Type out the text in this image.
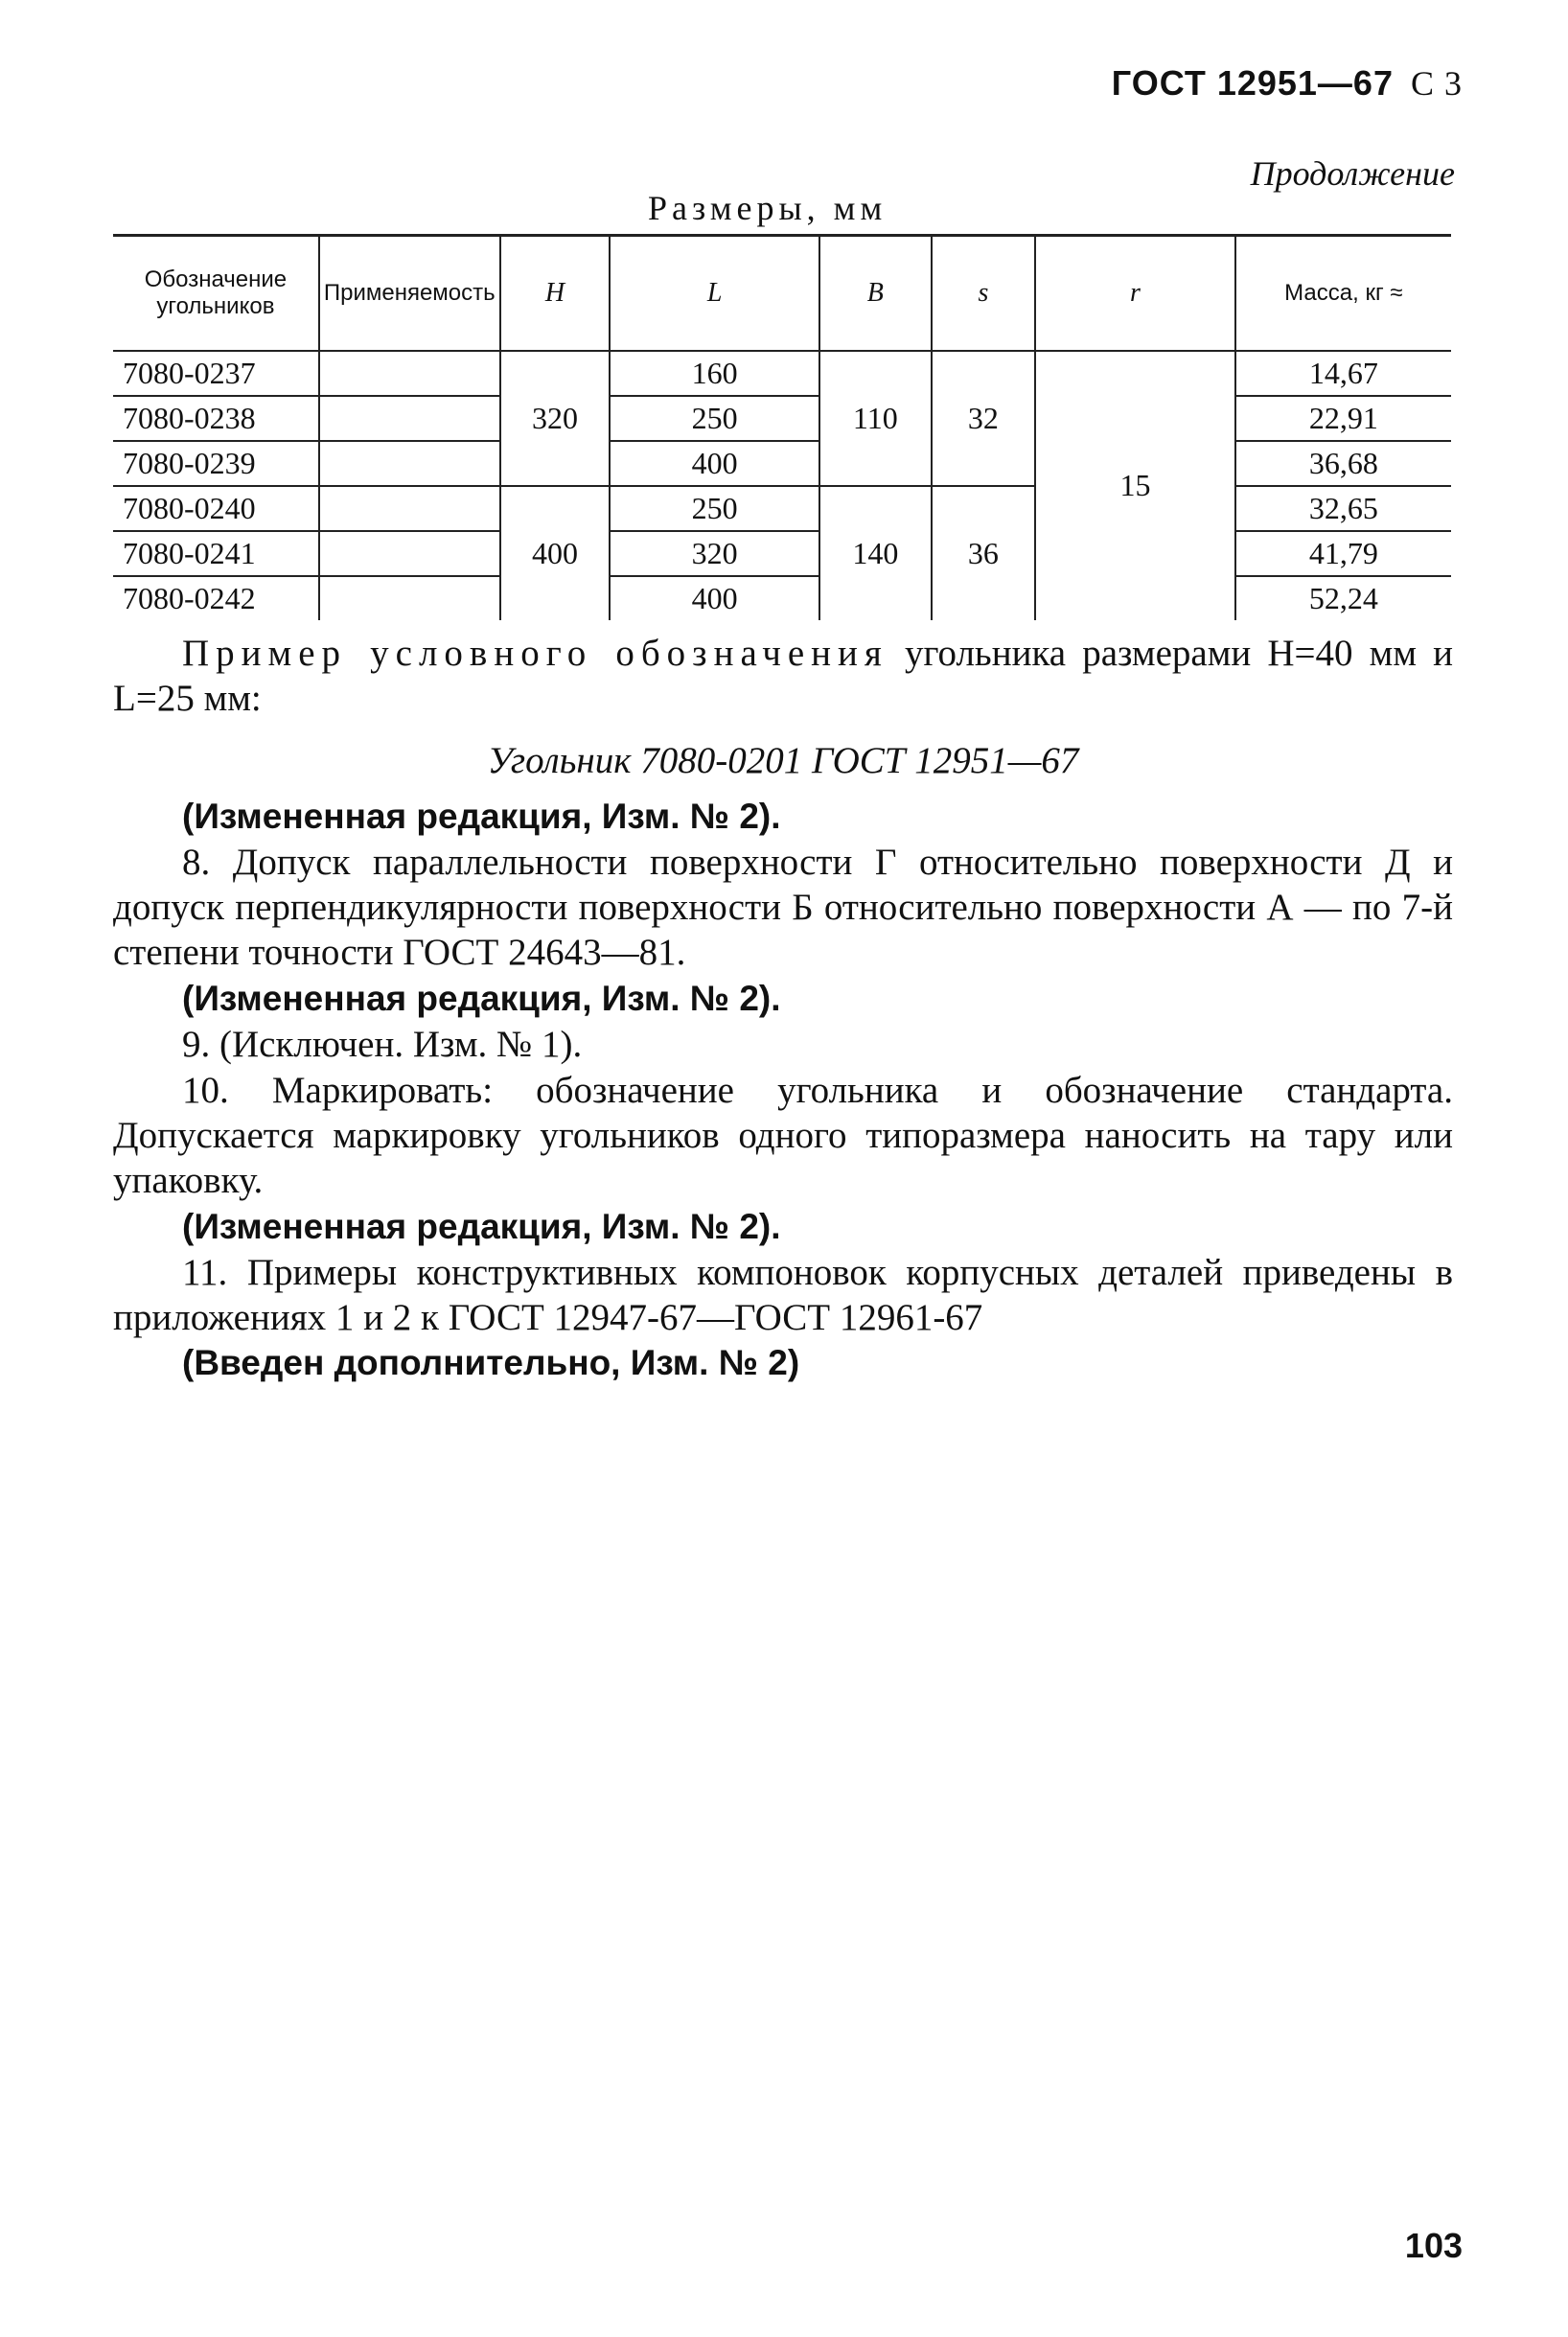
ГОСТ 12951—67 С 3
Продолжение
Размеры, мм
Обозначение угольников	Применяемость	H	L	B	s	r	Масса, кг ≈
7080-0237		320	160	110	32	15	14,67
7080-0238			250				22,91
7080-0239			400				36,68
7080-0240		400	250	140	36		32,65
7080-0241			320				41,79
7080-0242			400				52,24
Пример условного обозначения угольника размерами H=40 мм и L=25 мм:
Угольник 7080-0201 ГОСТ 12951—67
(Измененная редакция, Изм. № 2).
8. Допуск параллельности поверхности Г относительно поверхности Д и допуск перпендикулярности поверхности Б относительно поверхности А — по 7-й степени точности ГОСТ 24643—81.
(Измененная редакция, Изм. № 2).
9. (Исключен. Изм. № 1).
10. Маркировать: обозначение угольника и обозначение стандарта. Допускается маркировку угольников одного типоразмера наносить на тару или упаковку.
(Измененная редакция, Изм. № 2).
11. Примеры конструктивных компоновок корпусных деталей приведены в приложениях 1 и 2 к ГОСТ 12947-67—ГОСТ 12961-67
(Введен дополнительно, Изм. № 2)
103
